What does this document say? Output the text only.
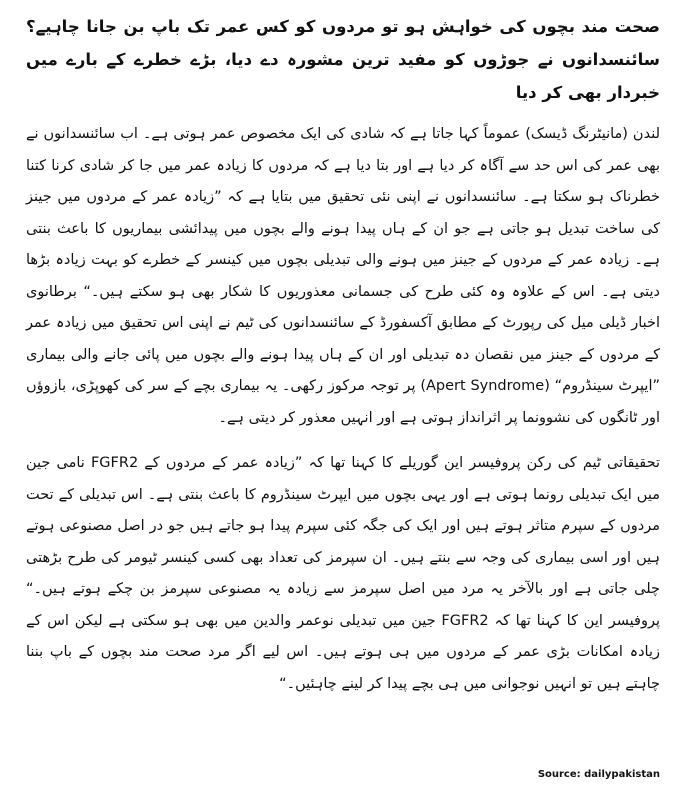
صحت مند بچوں کی خواہش ہو تو مردوں کو کس عمر تک باپ بن جانا چاہیے؟ سائنسدانوں نے جوڑوں کو مفید ترین مشورہ دے دیا، بڑے خطرے کے بارے میں خبردار بھی کر دیا

لندن (مانیٹرنگ ڈیسک) عموماً کہا جاتا ہے کہ شادی کی ایک مخصوص عمر ہوتی ہے۔ اب سائنسدانوں نے بھی عمر کی اس حد سے آگاہ کر دیا ہے اور بتا دیا ہے کہ مردوں کا زیادہ عمر میں جا کر شادی کرنا کتنا خطرناک ہو سکتا ہے۔ سائنسدانوں نے اپنی نئی تحقیق میں بتایا ہے کہ ”زیادہ عمر کے مردوں میں جینز کی ساخت تبدیل ہو جاتی ہے جو ان کے ہاں پیدا ہونے والے بچوں میں پیدائشی بیماریوں کا باعث بنتی ہے۔ زیادہ عمر کے مردوں کے جینز میں ہونے والی تبدیلی بچوں میں کینسر کے خطرے کو بہت زیادہ بڑھا دیتی ہے۔ اس کے علاوہ وہ کئی طرح کی جسمانی معذوریوں کا شکار بھی ہو سکتے ہیں۔“ برطانوی اخبار ڈیلی میل کی رپورٹ کے مطابق آکسفورڈ کے سائنسدانوں کی ٹیم نے اپنی اس تحقیق میں زیادہ عمر کے مردوں کے جینز میں نقصان دہ تبدیلی اور ان کے ہاں پیدا ہونے والے بچوں میں پائی جانے والی بیماری ”ایپرٹ سینڈروم“ (Apert Syndrome) پر توجہ مرکوز رکھی۔ یہ بیماری بچے کے سر کی کھوپڑی، بازوؤں اور ٹانگوں کی نشوونما پر اثرانداز ہوتی ہے اور انہیں معذور کر دیتی ہے۔

تحقیقاتی ٹیم کی رکن پروفیسر این گوریلے کا کہنا تھا کہ ”زیادہ عمر کے مردوں کے FGFR2 نامی جین میں ایک تبدیلی رونما ہوتی ہے اور یہی بچوں میں ایپرٹ سینڈروم کا باعث بنتی ہے۔ اس تبدیلی کے تحت مردوں کے سپرم متاثر ہوتے ہیں اور ایک کی جگہ کئی سپرم پیدا ہو جاتے ہیں جو در اصل مصنوعی ہوتے ہیں اور اسی بیماری کی وجہ سے بنتے ہیں۔ ان سپرمز کی تعداد بھی کسی کینسر ٹیومر کی طرح بڑھتی چلی جاتی ہے اور بالآخر یہ مرد میں اصل سپرمز سے زیادہ یہ مصنوعی سپرمز بن چکے ہوتے ہیں۔“ پروفیسر این کا کہنا تھا کہ FGFR2 جین میں تبدیلی نوعمر والدین میں بھی ہو سکتی ہے لیکن اس کے زیادہ امکانات بڑی عمر کے مردوں میں ہی ہوتے ہیں۔ اس لیے اگر مرد صحت مند بچوں کے باپ بننا چاہتے ہیں تو انہیں نوجوانی میں ہی بچے پیدا کر لینے چاہئیں۔“

Source: dailypakistan
